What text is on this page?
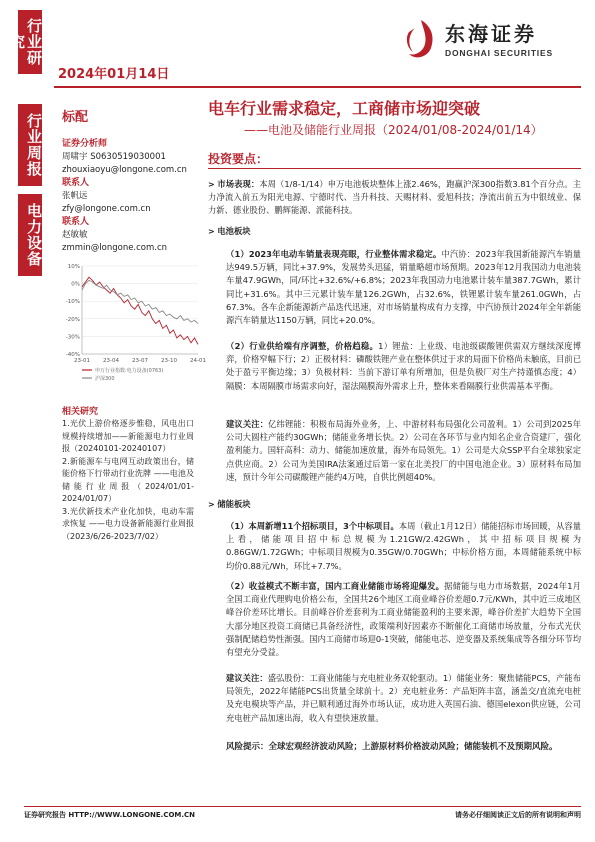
行业研究
行业周报
电力设备
2024年01月14日
东海证券
DONGHAI SECURITIES
标配	电车行业需求稳定，工商储市场迎突破
——电池及储能行业周报（2024/01/08-2024/01/14）
证券分析师
周啸宇 S0630519030001
zhouxiaoyu@longone.com.cn
联系人
张帆远
zfy@longone.com.cn
联系人
赵敏敏
zmmin@longone.com.cn
10%
0%
-10%
-20%
-30%
-40%
23-01 23-04 23-07 23-10 24-01
申万行业指数:电力设备(0763)
沪深300
相关研究
1.光伏上游价格逐步惟稳，风电出口规模持续增加——新能源电力行业周报（20240101-20240107）
2.新能源车与电网互动政策出台，储能价格下行带动行业洗牌 ——电池及储能行业周报（2024/01/01-2024/01/07）
3.光伏新技术产业化加快，电动车需求恢复 ——电力设备新能源行业周报（2023/6/26-2023/7/02）
投资要点：
> 市场表现：本周（1/8-1/14）申万电池板块整体上涨2.46%，跑赢沪深300指数3.81个百分点。主力净流入前五为阳光电源、宁德时代、当升科技、天赐材料、爱旭科技；净流出前五为中银绒业、保力新、德业股份、鹏辉能源、派能科技。
> 电池板块
（1）2023年电动车销量表现亮眼，行业整体需求稳定。中汽协：2023年我国新能源汽车销量达949.5万辆，同比+37.9%，发展势头迅猛，销量略超市场预期。2023年12月我国动力电池装车量47.9GWh，同/环比+32.6%/+6.8%；2023年我国动力电池累计装车量387.7GWh，累计同比+31.6%。其中三元累计装车量126.2GWh，占32.6%，铁锂累计装车量261.0GWh，占67.3%。各车企新能源新产品迭代迅速，对市场销量构成有力支撑，中汽协预计2024年全年新能源汽车销量达1150万辆，同比+20.0%。
（2）行业供给端有序调整，价格趋稳。1）锂盐：上业级、电池级碳酸锂供需双方继续深度博弈，价格窄幅下行；2）正极材料：磷酸铁锂产业在整体供过于求的局面下价格尚未触底，目前已处于盈亏平衡边缘；3）负极材料：当前下游订单有所增加，但是负极厂对生产持谨慎态度；4）隔膜：本周隔膜市场需求向好，湿法隔膜海外需求上升，整体来看隔膜行业供需基本平衡。
建议关注：亿纬锂能：积极布局海外业务，上、中游材料布局强化公司盈利。1）公司到2025年公司大圆柱产能约30GWh；储能业务增长快。2）公司在各环节与业内知名企业合资建厂，强化盈利能力。国轩高科：动力、储能加速放量，海外布局领先。1）公司是大众SSP平台全球独家定点供应商。2）公司为美国IRA法案通过后第一家在北美投厂的中国电池企业。3）原材料布局加速，预计今年公司碳酸锂产能约4万吨，自供比例超40%。
> 储能板块
（1）本周新增11个招标项目，3个中标项目。本周（截止1月12日）储能招标市场回暖，从容量上看，储能项目招中标总规模为1.21GW/2.42GWh，其中招标项目规模为0.86GW/1.72GWh；中标项目规模为0.35GW/0.70GWh；中标价格方面，本周储能系统中标均价0.88元/Wh，环比+7.7%。
（2）收益模式不断丰富，国内工商业储能市场将迎爆发。据储能与电力市场数据，2024年1月全国工商业代理购电价格公布，全国共26个地区工商业峰谷价差超0.7元/KWh，其中近三成地区峰谷价差环比增长。目前峰谷价差套利为工商业储能盈利的主要来源，峰谷价差扩大趋势下全国大部分地区投资工商储已具备经济性，政策端利好因素亦不断催化工商储市场放量，分布式光伏强制配储趋势性渐强。国内工商储市场迎0-1突破，储能电芯、逆变器及系统集成等各细分环节均有望充分受益。
建议关注：盛弘股份：工商业储能与充电桩业务双轮驱动。1）储能业务：聚焦储能PCS，产能布局领先，2022年储能PCS出货量全球前十。2）充电桩业务：产品矩阵丰富，涵盖交/直流充电桩及充电模块等产品，并已顺利通过海外市场认证，成功进入英国石油、德国elexon供应链，公司充电桩产品加速出海，收入有望快速放量。
风险提示：全球宏观经济波动风险；上游原材料价格波动风险；储能装机不及预期风险。
证券研究报告 HTTP://WWW.LONGONE.COM.CN	请务必仔细阅读正文后的所有说明和声明
